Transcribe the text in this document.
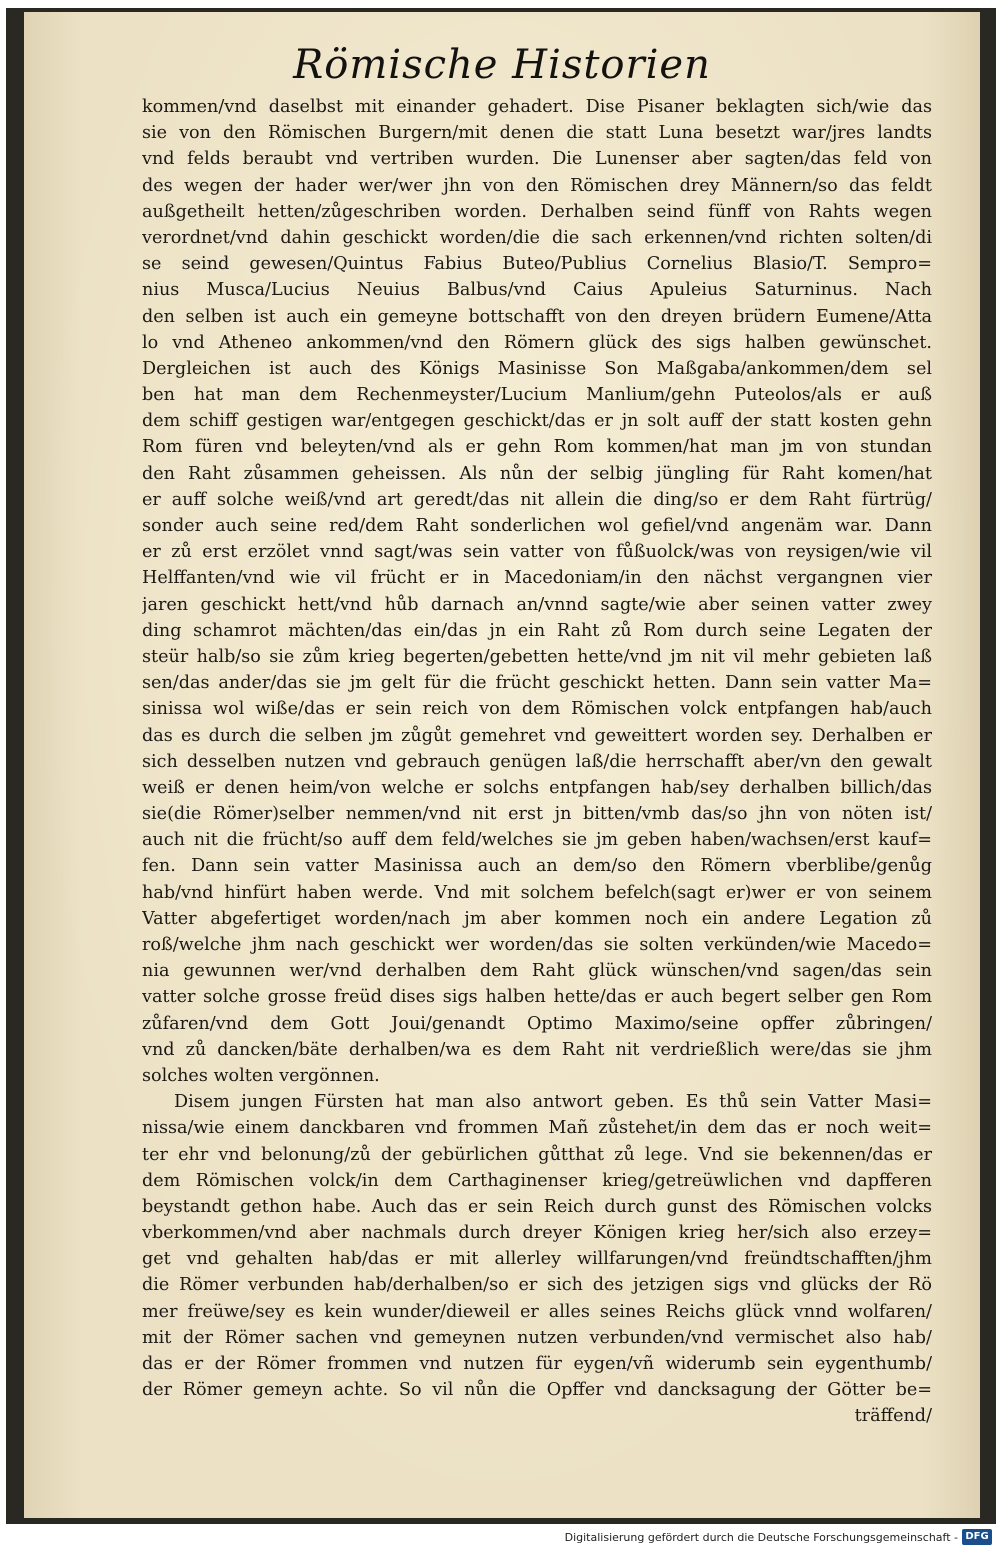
Römische Historien
kommen/vnd daselbst mit einander gehadert. Dise Pisaner beklagten sich/wie das
sie von den Römischen Burgern/mit denen die statt Luna besetzt war/jres landts
vnd felds beraubt vnd vertriben wurden. Die Lunenser aber sagten/das feld von
des wegen der hader wer/wer jhn von den Römischen drey Männern/so das feldt
außgetheilt hetten/zůgeschriben worden. Derhalben seind fünff von Rahts wegen
verordnet/vnd dahin geschickt worden/die die sach erkennen/vnd richten solten/di
se seind gewesen/Quintus Fabius Buteo/Publius Cornelius Blasio/T. Sempro=
nius Musca/Lucius Neuius Balbus/vnd Caius Apuleius Saturninus. Nach
den selben ist auch ein gemeyne bottschafft von den dreyen brüdern Eumene/Atta
lo vnd Atheneo ankommen/vnd den Römern glück des sigs halben gewünschet.
Dergleichen ist auch des Königs Masinisse Son Maßgaba/ankommen/dem sel
ben hat man dem Rechenmeyster/Lucium Manlium/gehn Puteolos/als er auß
dem schiff gestigen war/entgegen geschickt/das er jn solt auff der statt kosten gehn
Rom füren vnd beleyten/vnd als er gehn Rom kommen/hat man jm von stundan
den Raht zůsammen geheissen. Als nůn der selbig jüngling für Raht komen/hat
er auff solche weiß/vnd art geredt/das nit allein die ding/so er dem Raht fürtrüg/
sonder auch seine red/dem Raht sonderlichen wol gefiel/vnd angenäm war. Dann
er zů erst erzölet vnnd sagt/was sein vatter von fůßuolck/was von reysigen/wie vil
Helffanten/vnd wie vil frücht er in Macedoniam/in den nächst vergangnen vier
jaren geschickt hett/vnd hůb darnach an/vnnd sagte/wie aber seinen vatter zwey
ding schamrot mächten/das ein/das jn ein Raht zů Rom durch seine Legaten der
steür halb/so sie zům krieg begerten/gebetten hette/vnd jm nit vil mehr gebieten laß
sen/das ander/das sie jm gelt für die frücht geschickt hetten. Dann sein vatter Ma=
sinissa wol wiße/das er sein reich von dem Römischen volck entpfangen hab/auch
das es durch die selben jm zůgůt gemehret vnd geweittert worden sey. Derhalben er
sich desselben nutzen vnd gebrauch genügen laß/die herrschafft aber/vn den gewalt
weiß er denen heim/von welche er solchs entpfangen hab/sey derhalben billich/das
sie(die Römer)selber nemmen/vnd nit erst jn bitten/vmb das/so jhn von nöten ist/
auch nit die frücht/so auff dem feld/welches sie jm geben haben/wachsen/erst kauf=
fen. Dann sein vatter Masinissa auch an dem/so den Römern vberblibe/genůg
hab/vnd hinfürt haben werde. Vnd mit solchem befelch(sagt er)wer er von seinem
Vatter abgefertiget worden/nach jm aber kommen noch ein andere Legation zů
roß/welche jhm nach geschickt wer worden/das sie solten verkünden/wie Macedo=
nia gewunnen wer/vnd derhalben dem Raht glück wünschen/vnd sagen/das sein
vatter solche grosse freüd dises sigs halben hette/das er auch begert selber gen Rom
zůfaren/vnd dem Gott Joui/genandt Optimo Maximo/seine opffer zůbringen/
vnd zů dancken/bäte derhalben/wa es dem Raht nit verdrießlich were/das sie jhm
solches wolten vergönnen.
Disem jungen Fürsten hat man also antwort geben. Es thů sein Vatter Masi=
nissa/wie einem danckbaren vnd frommen Mañ zůstehet/in dem das er noch weit=
ter ehr vnd belonung/zů der gebürlichen gůtthat zů lege. Vnd sie bekennen/das er
dem Römischen volck/in dem Carthaginenser krieg/getreüwlichen vnd dapfferen
beystandt gethon habe. Auch das er sein Reich durch gunst des Römischen volcks
vberkommen/vnd aber nachmals durch dreyer Königen krieg her/sich also erzey=
get vnd gehalten hab/das er mit allerley willfarungen/vnd freündtschafften/jhm
die Römer verbunden hab/derhalben/so er sich des jetzigen sigs vnd glücks der Rö
mer freüwe/sey es kein wunder/dieweil er alles seines Reichs glück vnnd wolfaren/
mit der Römer sachen vnd gemeynen nutzen verbunden/vnd vermischet also hab/
das er der Römer frommen vnd nutzen für eygen/vñ widerumb sein eygenthumb/
der Römer gemeyn achte. So vil nůn die Opffer vnd dancksagung der Götter be=
träffend/
Digitalisierung gefördert durch die Deutsche Forschungsgemeinschaft - DFG
